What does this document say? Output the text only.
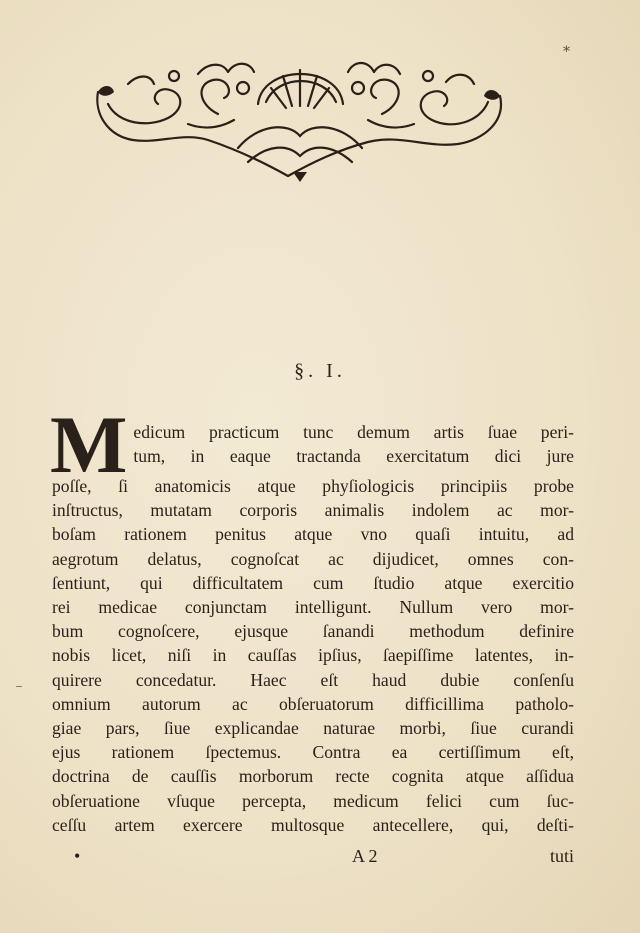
*
§. I.
M edicum practicum tunc demum artis ſuae peri-
tum, in eaque tractanda exercitatum dici jure
poſſe, ſi anatomicis atque phyſiologicis principiis probe
inſtructus, mutatam corporis animalis indolem ac mor-
boſam rationem penitus atque vno quaſi intuitu, ad
aegrotum delatus, cognoſcat ac dijudicet, omnes con-
ſentiunt, qui difficultatem cum ſtudio atque exercitio
rei medicae conjunctam intelligunt. Nullum vero mor-
bum cognoſcere, ejusque ſanandi methodum definire
nobis licet, niſi in cauſſas ipſius, ſaepiſſime latentes, in-
quirere concedatur. Haec eſt haud dubie conſenſu
omnium autorum ac obſeruatorum difficillima patholo-
giae pars, ſiue explicandae naturae morbi, ſiue curandi
ejus rationem ſpectemus. Contra ea certiſſimum eſt,
doctrina de cauſſis morborum recte cognita atque aſſidua
obſeruatione vſuque percepta, medicum felici cum ſuc-
ceſſu artem exercere multosque antecellere, qui, deſti-
•	A 2	tuti
